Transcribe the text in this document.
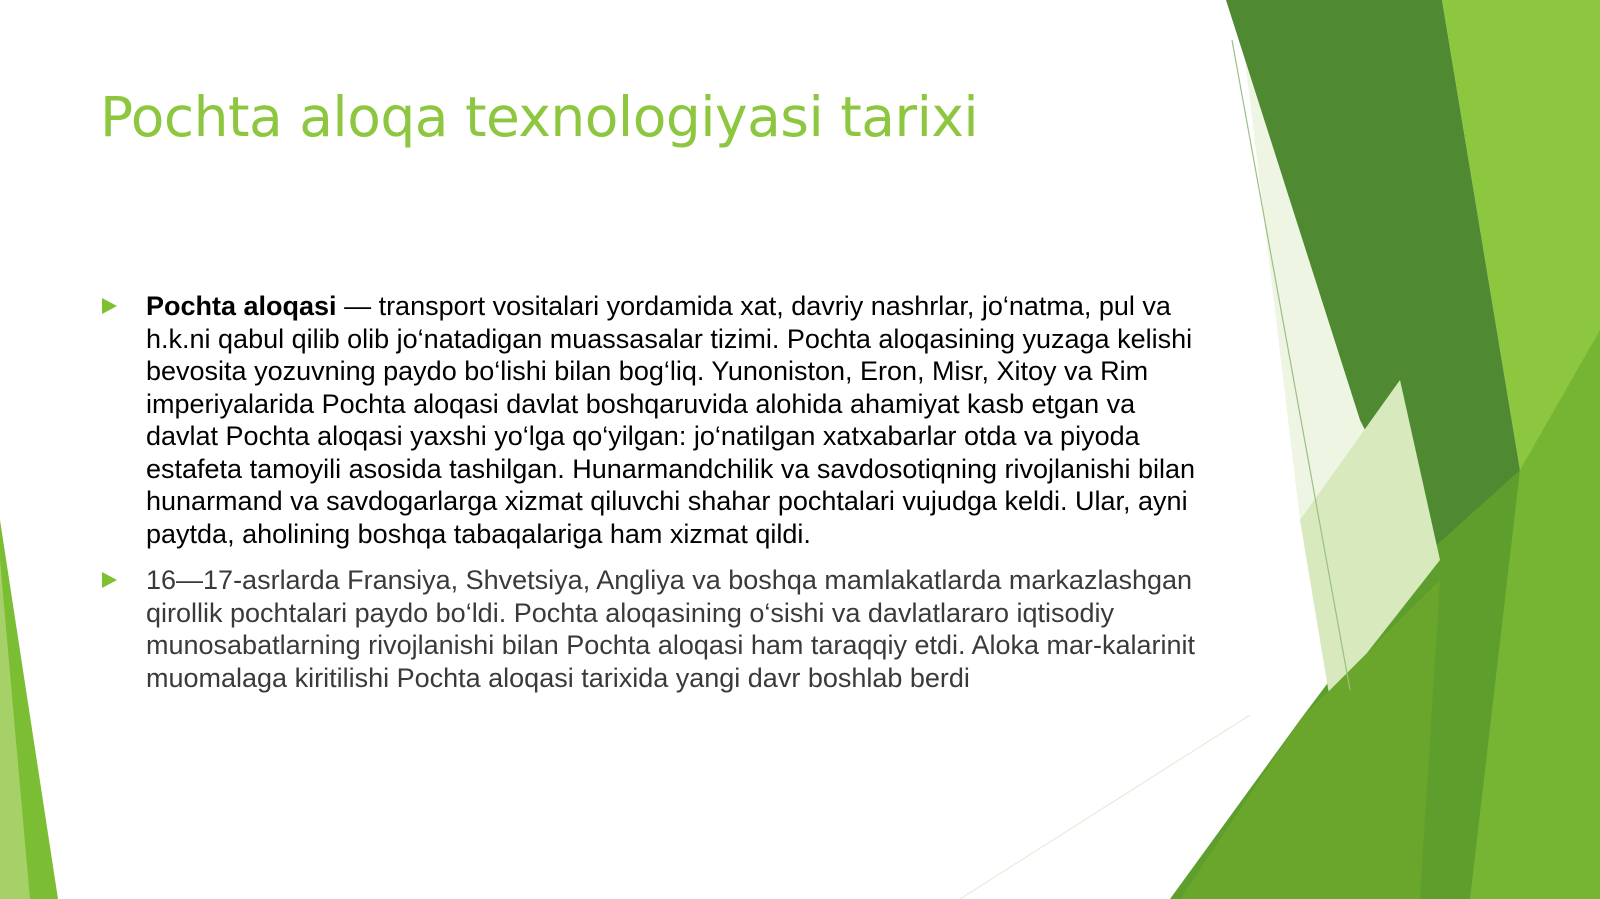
Pochta aloqa texnologiyasi tarixi
Pochta aloqasi — transport vositalari yordamida xat, davriy nashrlar, jo‘natma, pul va h.k.ni qabul qilib olib jo‘natadigan muassasalar tizimi. Pochta aloqasining yuzaga kelishi bevosita yozuvning paydo bo‘lishi bilan bog‘liq. Yunoniston, Eron, Misr, Xitoy va Rim imperiyalarida Pochta aloqasi davlat boshqaruvida alohida ahamiyat kasb etgan va davlat Pochta aloqasi yaxshi yo‘lga qo‘yilgan: jo‘natilgan xatxabarlar otda va piyoda estafeta tamoyili asosida tashilgan. Hunarmandchilik va savdosotiqning rivojlanishi bilan hunarmand va savdogarlarga xizmat qiluvchi shahar pochtalari vujudga keldi. Ular, ayni paytda, aholining boshqa tabaqalariga ham xizmat qildi.
16—17-asrlarda Fransiya, Shvetsiya, Angliya va boshqa mamlakatlarda markazlashgan qirollik pochtalari paydo bo‘ldi. Pochta aloqasining o‘sishi va davlatlararo iqtisodiy munosabatlarning rivojlanishi bilan Pochta aloqasi ham taraqqiy etdi. Aloka mar-kalarinit muomalaga kiritilishi Pochta aloqasi tarixida yangi davr boshlab berdi
